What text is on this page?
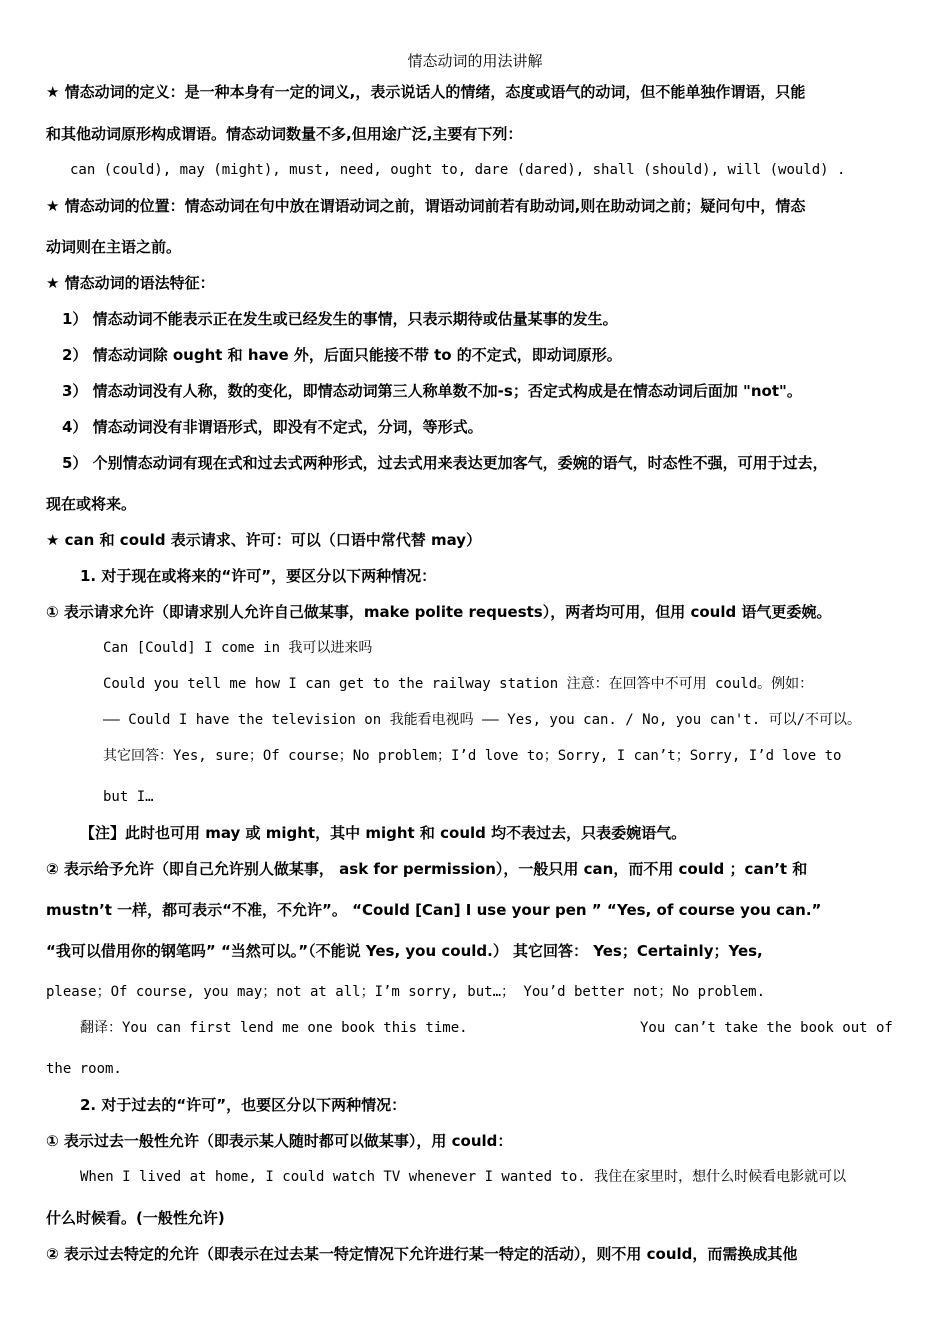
情态动词的用法讲解
★ 情态动词的定义：是一种本身有一定的词义,，表示说话人的情绪，态度或语气的动词，但不能单独作谓语，只能
和其他动词原形构成谓语。情态动词数量不多,但用途广泛,主要有下列：
can (could), may (might), must, need, ought to, dare (dared), shall (should), will (would) .
★ 情态动词的位置：情态动词在句中放在谓语动词之前，谓语动词前若有助动词,则在助动词之前；疑问句中，情态
动词则在主语之前。
★ 情态动词的语法特征：
1） 情态动词不能表示正在发生或已经发生的事情，只表示期待或估量某事的发生。
2） 情态动词除 ought 和 have 外，后面只能接不带 to 的不定式，即动词原形。
3） 情态动词没有人称，数的变化，即情态动词第三人称单数不加-s；否定式构成是在情态动词后面加 "not"。
4） 情态动词没有非谓语形式，即没有不定式，分词，等形式。
5） 个别情态动词有现在式和过去式两种形式，过去式用来表达更加客气，委婉的语气，时态性不强，可用于过去，
现在或将来。
★ can 和 could 表示请求、许可：可以（口语中常代替 may）
1. 对于现在或将来的“许可”，要区分以下两种情况：
① 表示请求允许（即请求别人允许自己做某事，make polite requests），两者均可用，但用 could 语气更委婉。
Can [Could] I come in 我可以进来吗
Could you tell me how I can get to the railway station 注意：在回答中不可用 could。例如：
—— Could I have the television on 我能看电视吗 —— Yes, you can. / No, you can't. 可以/不可以。
其它回答：Yes, sure；Of course；No problem；I’d love to；Sorry, I can’t；Sorry, I’d love to
but I…
【注】此时也可用 may 或 might，其中 might 和 could 均不表过去，只表委婉语气。
② 表示给予允许（即自己允许别人做某事， ask for permission），一般只用 can，而不用 could ；can’t 和
mustn’t 一样，都可表示“不准，不允许”。 “Could [Can] I use your pen ” “Yes, of course you can.”
“我可以借用你的钢笔吗” “当然可以。”（不能说 Yes, you could.） 其它回答： Yes；Certainly；Yes,
please；Of course, you may；not at all；I’m sorry, but…； You’d better not；No problem.
翻译：You can first lend me one book this time.	You can’t take the book out of
the room.
2. 对于过去的“许可”，也要区分以下两种情况：
① 表示过去一般性允许（即表示某人随时都可以做某事），用 could：
When I lived at home, I could watch TV whenever I wanted to. 我住在家里时，想什么时候看电影就可以
什么时候看。(一般性允许)
② 表示过去特定的允许（即表示在过去某一特定情况下允许进行某一特定的活动），则不用 could，而需换成其他
